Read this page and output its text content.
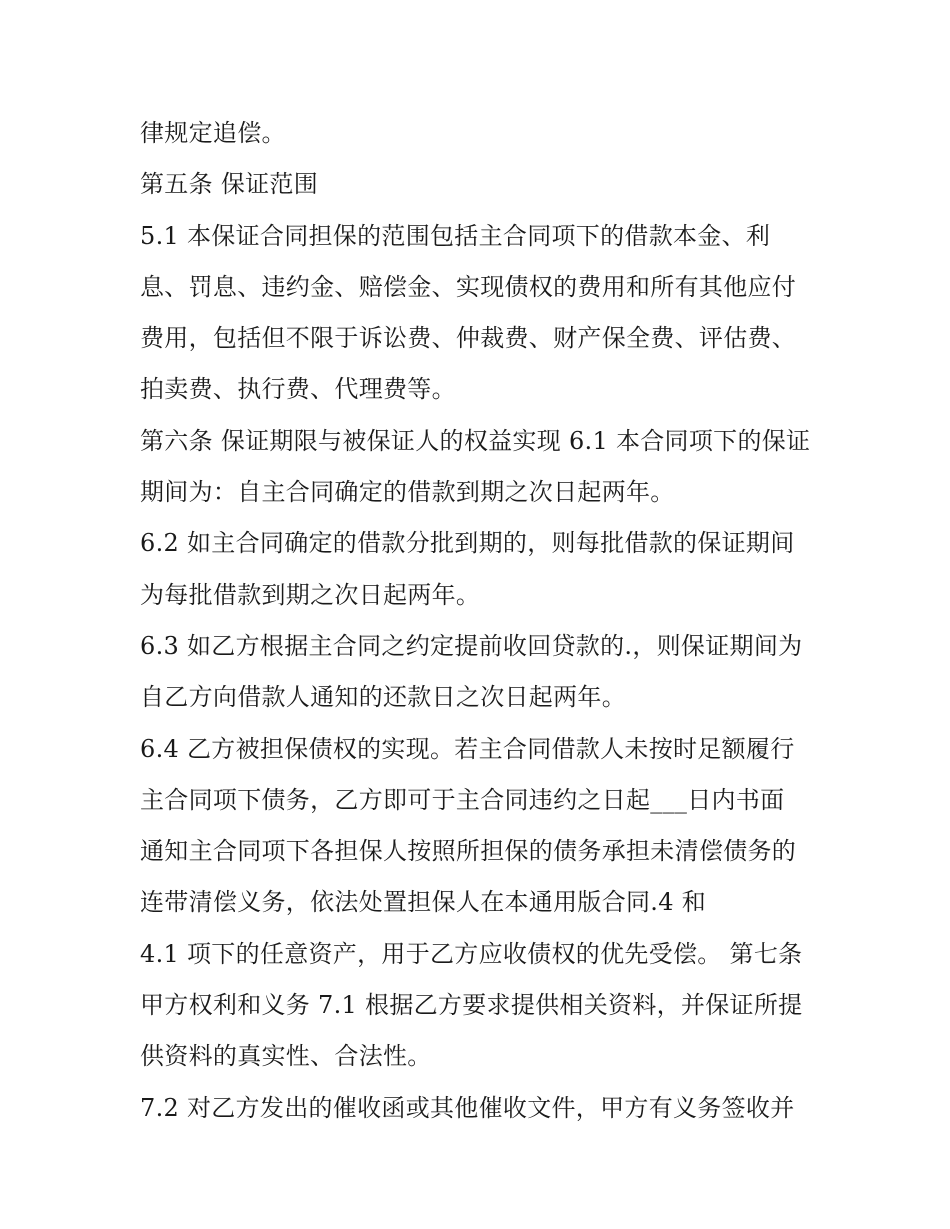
律规定追偿。
第五条 保证范围
5.1 本保证合同担保的范围包括主合同项下的借款本金、利
息、罚息、违约金、赔偿金、实现债权的费用和所有其他应付
费用，包括但不限于诉讼费、仲裁费、财产保全费、评估费、
拍卖费、执行费、代理费等。
第六条 保证期限与被保证人的权益实现 6.1 本合同项下的保证
期间为：自主合同确定的借款到期之次日起两年。
6.2 如主合同确定的借款分批到期的，则每批借款的保证期间
为每批借款到期之次日起两年。
6.3 如乙方根据主合同之约定提前收回贷款的.，则保证期间为
自乙方向借款人通知的还款日之次日起两年。
6.4 乙方被担保债权的实现。若主合同借款人未按时足额履行
主合同项下债务，乙方即可于主合同违约之日起___日内书面
通知主合同项下各担保人按照所担保的债务承担未清偿债务的
连带清偿义务，依法处置担保人在本通用版合同.4 和
4.1 项下的任意资产，用于乙方应收债权的优先受偿。 第七条
甲方权利和义务 7.1 根据乙方要求提供相关资料，并保证所提
供资料的真实性、合法性。
7.2 对乙方发出的催收函或其他催收文件，甲方有义务签收并
